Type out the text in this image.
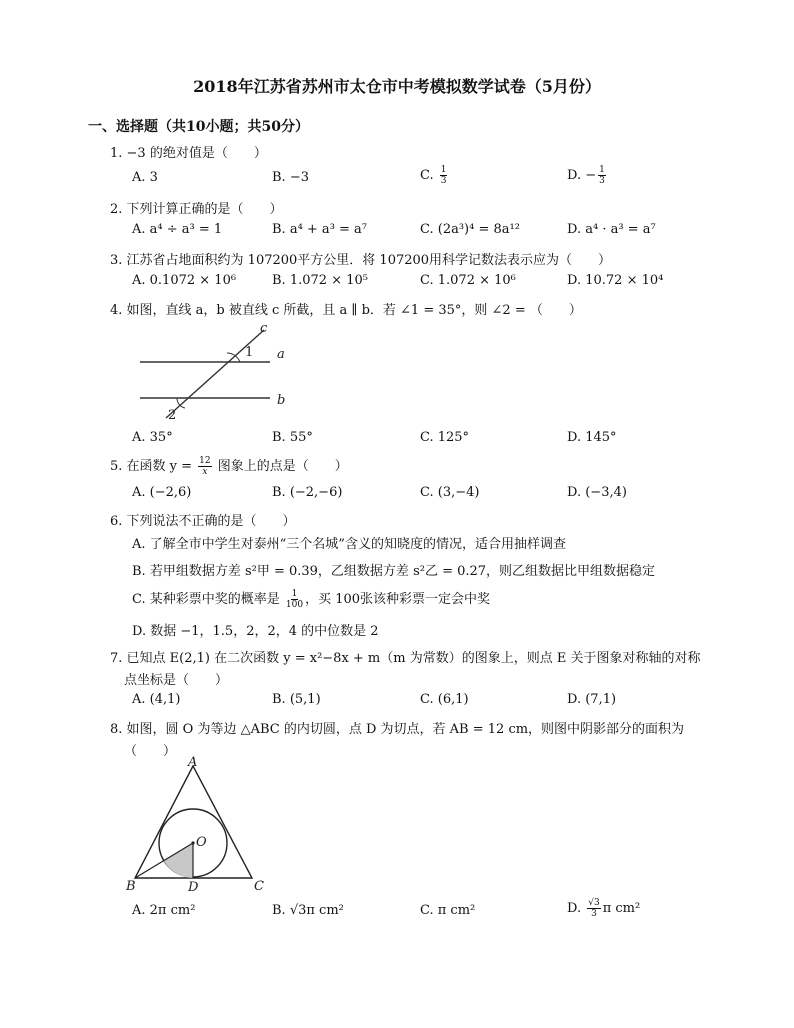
2018年江苏省苏州市太仓市中考模拟数学试卷（5月份）
一、选择题（共10小题；共50分）
1. −3 的绝对值是（　　）
A. 3	B. −3	C. $\frac{1}{3}$	D. − $\frac{1}{3}$
2. 下列计算正确的是（　　）
A. a⁴ ÷ a³ = 1	B. a⁴ + a³ = a⁷	C. (2a³)⁴ = 8a¹²	D. a⁴ · a³ = a⁷
3. 江苏省占地面积约为 107200平方公里．将 107200用科学记数法表示应为（　　）
A. 0.1072 × 10⁶	B. 1.072 × 10⁵	C. 1.072 × 10⁶	D. 10.72 × 10⁴
4. 如图，直线 a，b 被直线 c 所截，且 a ∥ b．若 ∠1 = 35°，则 ∠2 = （　　）
c
a
b
1
2
A. 35°	B. 55°	C. 125°	D. 145°
5. 在函数 $y = \frac{12}{x}$ 图象上的点是（　　）
A. (−2,6)	B. (−2,−6)	C. (3,−4)	D. (−3,4)
6. 下列说法不正确的是（　　）
A. 了解全市中学生对泰州“三个名城”含义的知晓度的情况，适合用抽样调查
B. 若甲组数据方差 s²甲 = 0.39，乙组数据方差 s²乙 = 0.27，则乙组数据比甲组数据稳定
C. 某种彩票中奖的概率是 $\frac{1}{100}$ ，买 100张该种彩票一定会中奖
D. 数据 −1，1.5，2，2，4 的中位数是 2
7. 已知点 E(2,1) 在二次函数 y = x²−8x + m（m 为常数）的图象上，则点 E 关于图象对称轴的对称
点坐标是（　　）
A. (4,1)	B. (5,1)	C. (6,1)	D. (7,1)
8. 如图，圆 O 为等边 △ABC 的内切圆，点 D 为切点，若 AB = 12 cm，则图中阴影部分的面积为
（　　）
A
B	C
D
O
A. 2π cm²	B. √3π cm²	C. π cm²	D. $\frac{√3}{3}$ π cm²
